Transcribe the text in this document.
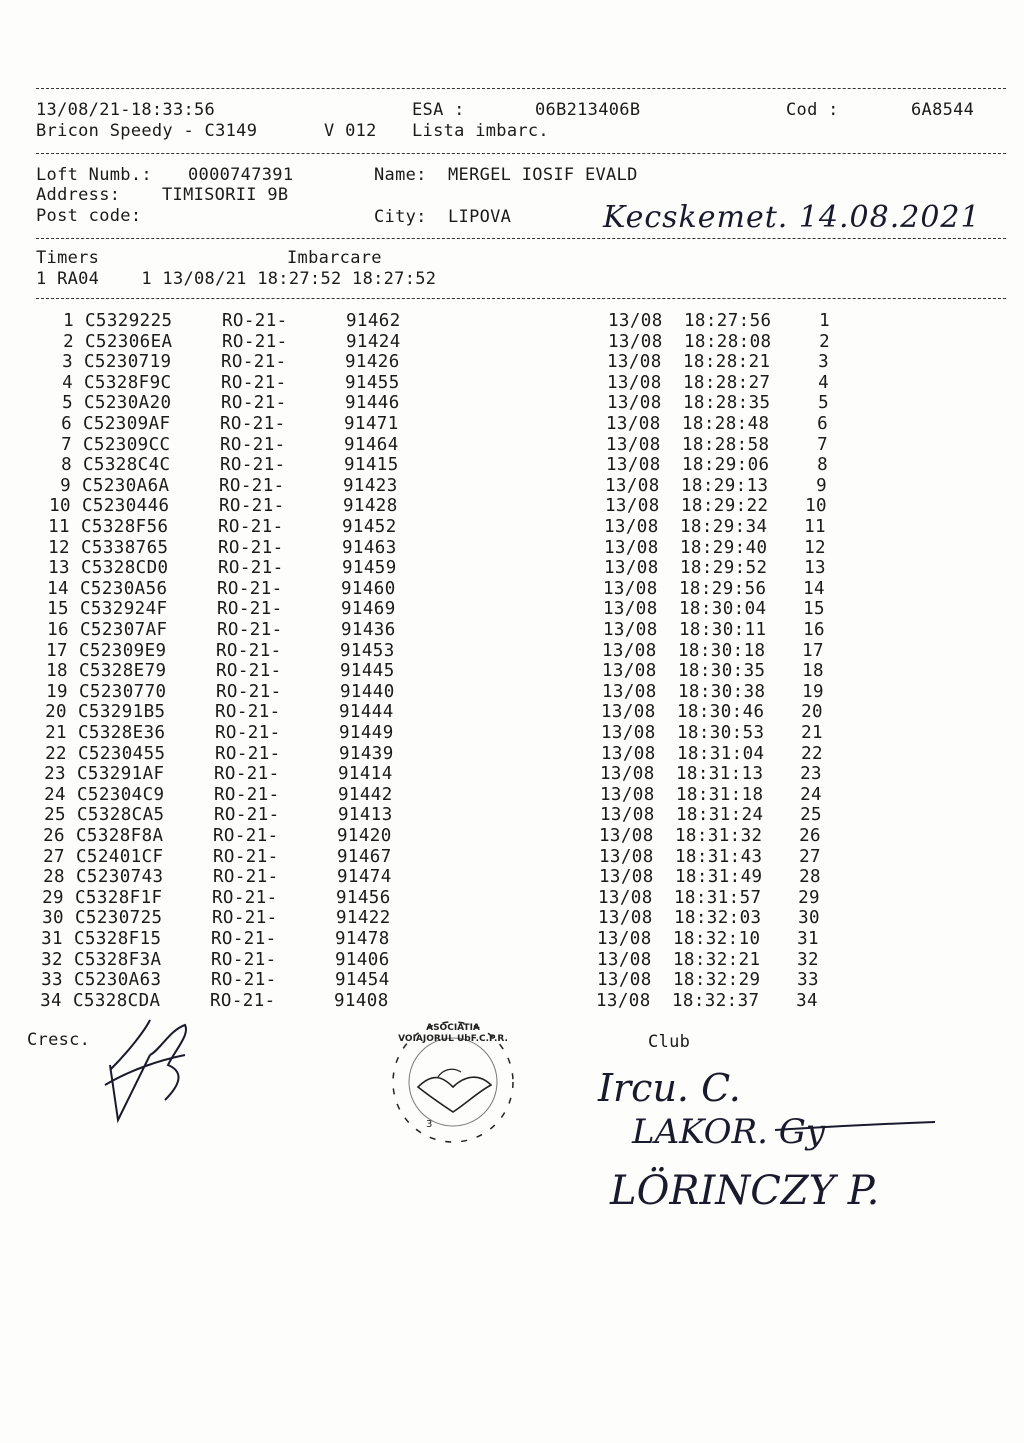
13/08/21-18:33:56	ESA :	06B213406B	Cod :	6A8544
Bricon Speedy - C3149	V 012 Lista imbarc.
Loft Numb.: 0000747391	Name: MERGEL IOSIF EVALD
Address: TIMISORII 9B
Post code:	City: LIPOVA	Kecskemet. 14.08.2021
Timers	Imbarcare
1 RA04    1 13/08/21 18:27:52 18:27:52
1 C5329225	RO-21-	91462	13/08 18:27:56	1
2 C52306EA	RO-21-	91424	13/08 18:28:08	2
3 C5230719	RO-21-	91426	13/08 18:28:21	3
4 C5328F9C	RO-21-	91455	13/08 18:28:27	4
5 C5230A20	RO-21-	91446	13/08 18:28:35	5
6 C52309AF	RO-21-	91471	13/08 18:28:48	6
7 C52309CC	RO-21-	91464	13/08 18:28:58	7
8 C5328C4C	RO-21-	91415	13/08 18:29:06	8
9 C5230A6A	RO-21-	91423	13/08 18:29:13	9
10 C5230446	RO-21-	91428	13/08 18:29:22 10
11 C5328F56	RO-21-	91452	13/08 18:29:34 11
12 C5338765	RO-21-	91463	13/08 18:29:40 12
13 C5328CD0	RO-21-	91459	13/08 18:29:52 13
14 C5230A56	RO-21-	91460	13/08 18:29:56 14
15 C532924F	RO-21-	91469	13/08 18:30:04 15
16 C52307AF	RO-21-	91436	13/08 18:30:11 16
17 C52309E9	RO-21-	91453	13/08 18:30:18 17
18 C5328E79	RO-21-	91445	13/08 18:30:35 18
19 C5230770	RO-21-	91440	13/08 18:30:38 19
20 C53291B5	RO-21-	91444	13/08 18:30:46 20
21 C5328E36	RO-21-	91449	13/08 18:30:53 21
22 C5230455	RO-21-	91439	13/08 18:31:04 22
23 C53291AF	RO-21-	91414	13/08 18:31:13 23
24 C52304C9	RO-21-	91442	13/08 18:31:18 24
25 C5328CA5	RO-21-	91413	13/08 18:31:24 25
26 C5328F8A	RO-21-	91420	13/08 18:31:32 26
27 C52401CF	RO-21-	91467	13/08 18:31:43 27
28 C5230743	RO-21-	91474	13/08 18:31:49 28
29 C5328F1F	RO-21-	91456	13/08 18:31:57 29
30 C5230725	RO-21-	91422	13/08 18:32:03 30
31 C5328F15	RO-21-	91478	13/08 18:32:10 31
32 C5328F3A	RO-21-	91406	13/08 18:32:21 32
33 C5230A63	RO-21-	91454	13/08 18:32:29 33
34 C5328CDA	RO-21-	91408	13/08 18:32:37 34
Cresc.	Club
ASOCIATIA VOIAJORUL UbF.C.P.R.
3
Ircu. C.
LAKOR. Gy
LÖRINCZY P.
